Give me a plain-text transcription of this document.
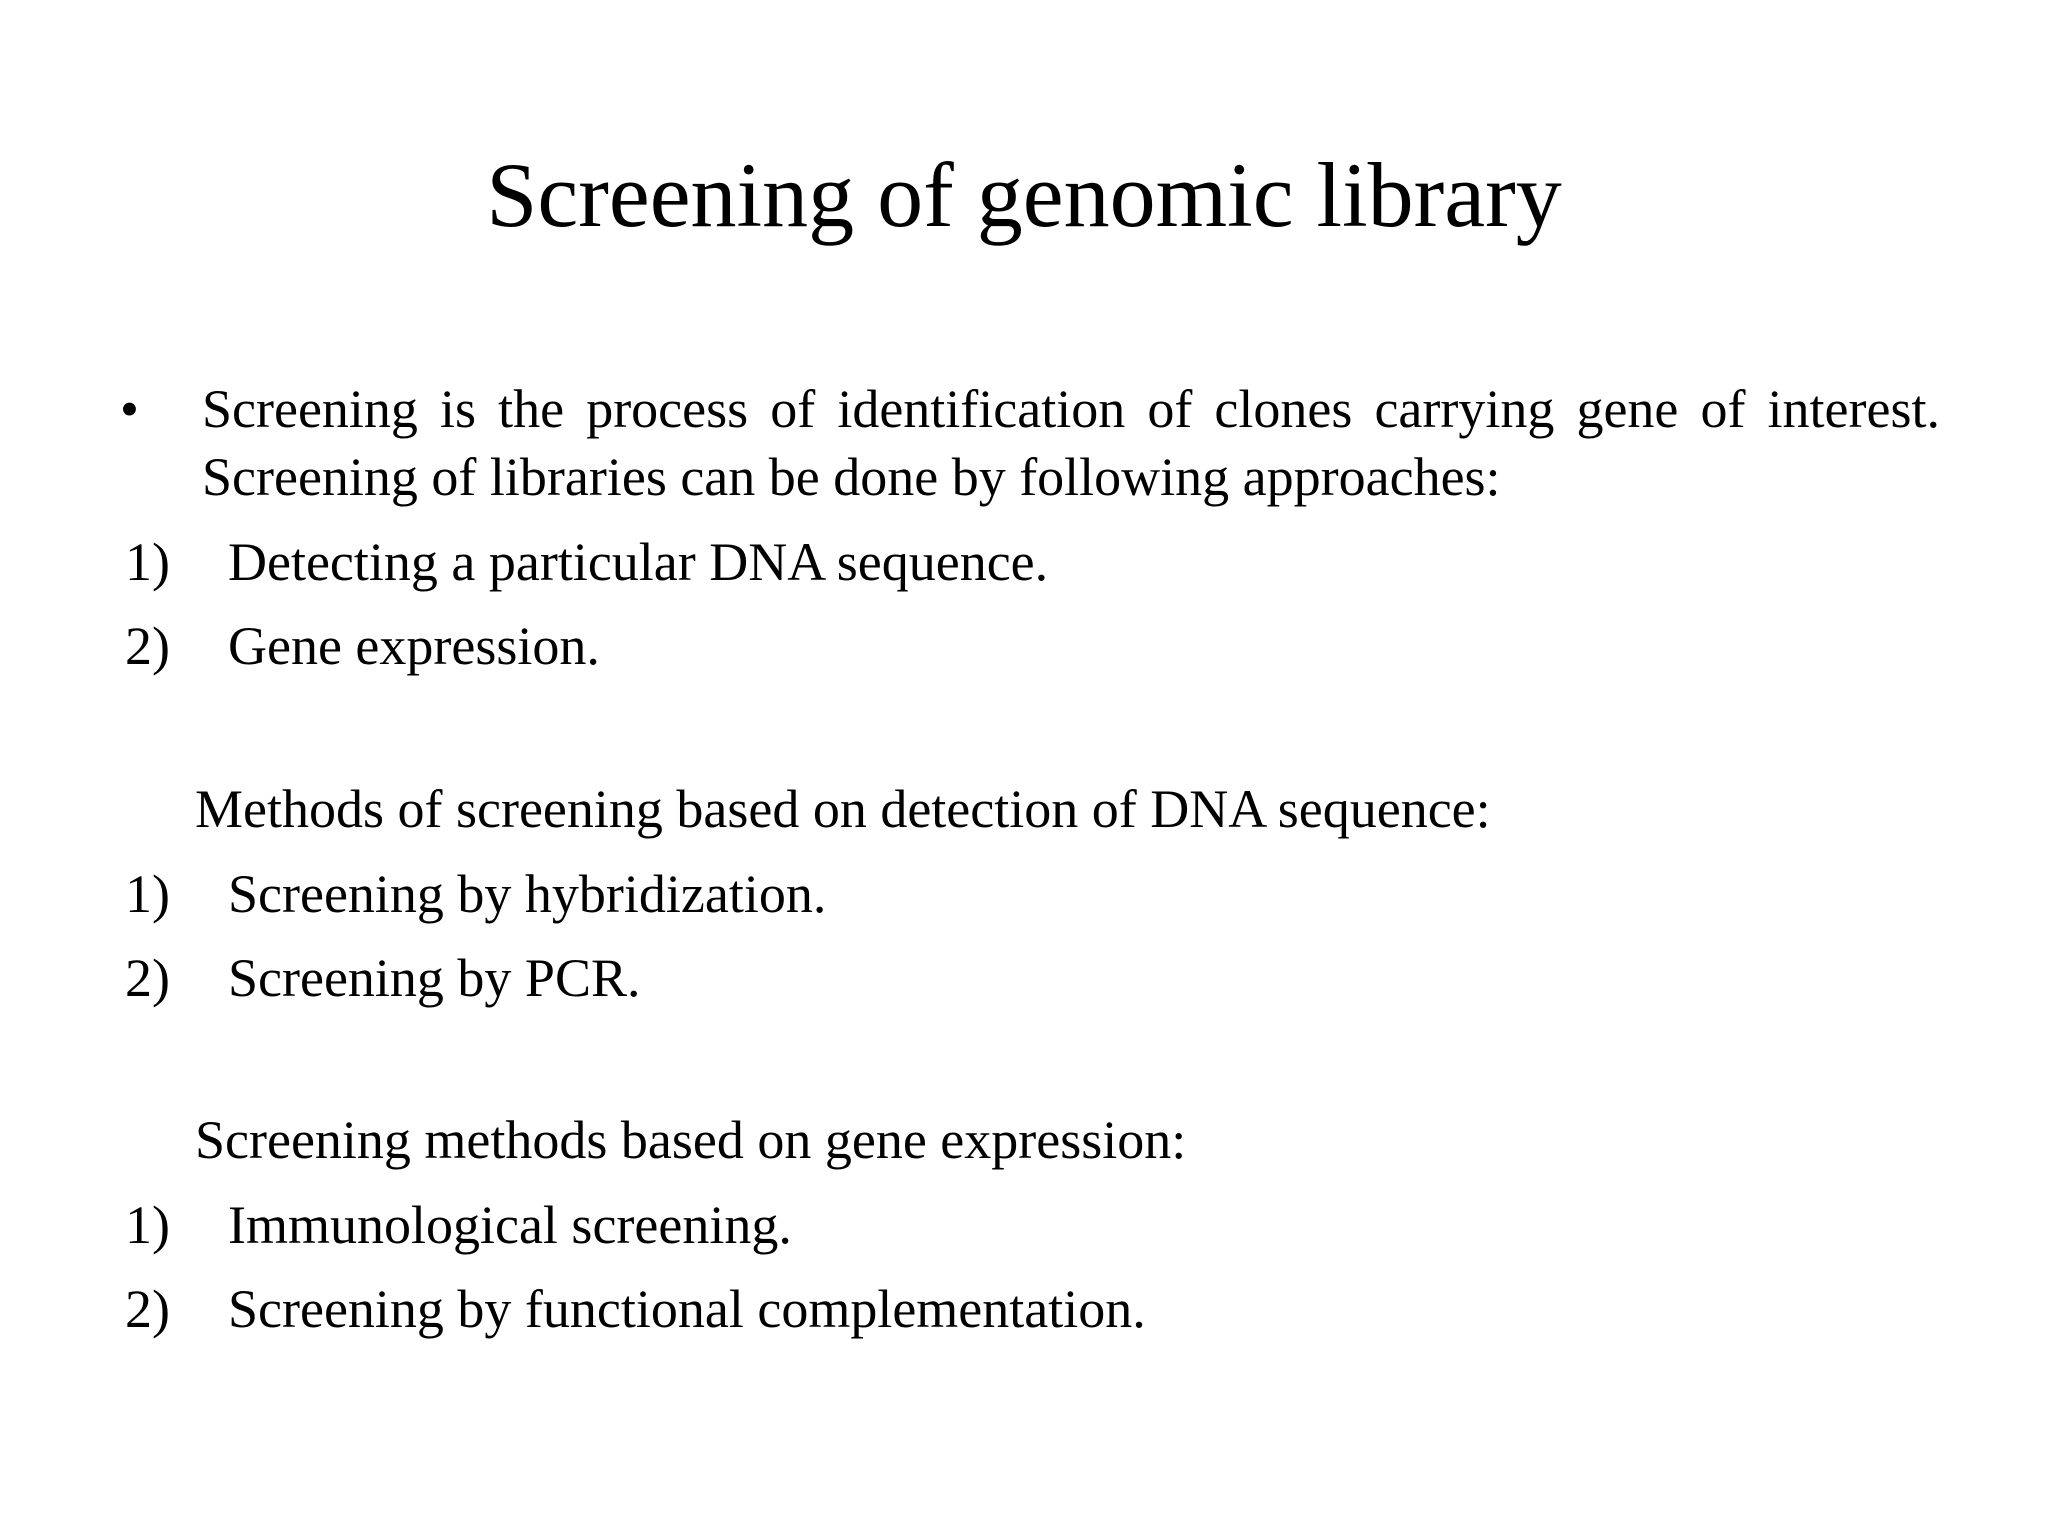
Screening of genomic library
•	Screening is the process of identification of clones carrying gene of interest. Screening of libraries can be done by following approaches:
1) Detecting a particular DNA sequence.
2) Gene expression.
Methods of screening based on detection of DNA sequence:
1) Screening by hybridization.
2) Screening by PCR.
Screening methods based on gene expression:
1) Immunological screening.
2) Screening by functional complementation.
